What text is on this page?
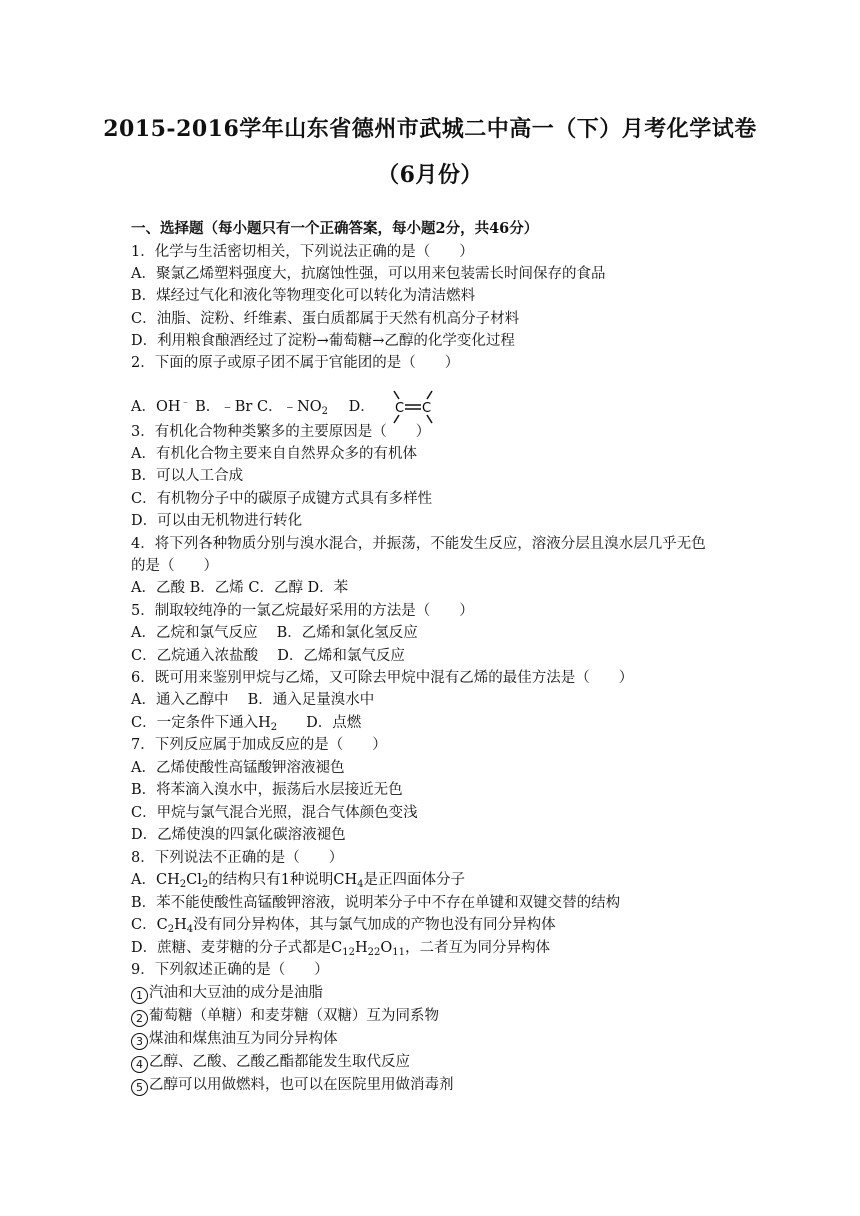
2015-2016学年山东省德州市武城二中高一（下）月考化学试卷
（6月份）
一、选择题（每小题只有一个正确答案，每小题2分，共46分）
1．化学与生活密切相关，下列说法正确的是（　　）
A．聚氯乙烯塑料强度大，抗腐蚀性强，可以用来包装需长时间保存的食品
B．煤经过气化和液化等物理变化可以转化为清洁燃料
C．油脂、淀粉、纤维素、蛋白质都属于天然有机高分子材料
D．利用粮食酿酒经过了淀粉→葡萄糖→乙醇的化学变化过程
2．下面的原子或原子团不属于官能团的是（　　）
A．OH﹣ B．﹣Br C．$﹣NO_2$ D． C C
3．有机化合物种类繁多的主要原因是（　　）
A．有机化合物主要来自自然界众多的有机体
B．可以人工合成
C．有机物分子中的碳原子成键方式具有多样性
D．可以由无机物进行转化
4．将下列各种物质分别与溴水混合，并振荡，不能发生反应，溶液分层且溴水层几乎无色
的是（　　）
A．乙酸 B．乙烯 C．乙醇 D．苯
5．制取较纯净的一氯乙烷最好采用的方法是（　　）
A．乙烷和氯气反应　 B．乙烯和氯化氢反应
C．乙烷通入浓盐酸　 D．乙烯和氯气反应
6．既可用来鉴别甲烷与乙烯，又可除去甲烷中混有乙烯的最佳方法是（　　）
A．通入乙醇中　 B．通入足量溴水中
C．一定条件下通入$H_2$　　D．点燃
7．下列反应属于加成反应的是（　　）
A．乙烯使酸性高锰酸钾溶液褪色
B．将苯滴入溴水中，振荡后水层接近无色
C．甲烷与氯气混合光照，混合气体颜色变浅
D．乙烯使溴的四氯化碳溶液褪色
8．下列说法不正确的是（　　）
A．$CH_2Cl_2$的结构只有1种说明$CH_4$是正四面体分子
B．苯不能使酸性高锰酸钾溶液，说明苯分子中不存在单键和双键交替的结构
C．$C_2H_4$没有同分异构体，其与氯气加成的产物也没有同分异构体
D．蔗糖、麦芽糖的分子式都是$C_{12}H_{22}O_{11}$，二者互为同分异构体
9．下列叙述正确的是（　　）
1 汽油和大豆油的成分是油脂
2 葡萄糖（单糖）和麦芽糖（双糖）互为同系物
3 煤油和煤焦油互为同分异构体
4 乙醇、乙酸、乙酸乙酯都能发生取代反应
5 乙醇可以用做燃料，也可以在医院里用做消毒剂
